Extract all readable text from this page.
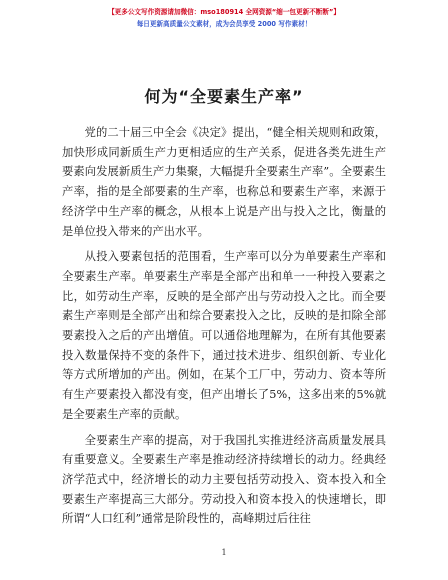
【更多公文写作资源请加微信：mso180914 全网资源“缩一包更新不断断”】
每日更新高质量公文素材，成为会员享受 2000 写作素材！
何为“全要素生产率”

党的二十届三中全会《决定》提出，“健全相关规则和政策，加快形成同新质生产力更相适应的生产关系，促进各类先进生产要素向发展新质生产力集聚，大幅提升全要素生产率”。全要素生产率，指的是全部要素的生产率，也称总和要素生产率，来源于经济学中生产率的概念，从根本上说是产出与投入之比，衡量的是单位投入带来的产出水平。

从投入要素包括的范围看，生产率可以分为单要素生产率和全要素生产率。单要素生产率是全部产出和单一一种投入要素之比，如劳动生产率，反映的是全部产出与劳动投入之比。而全要素生产率则是全部产出和综合要素投入之比，反映的是扣除全部要素投入之后的产出增值。可以通俗地理解为，在所有其他要素投入数量保持不变的条件下，通过技术进步、组织创新、专业化等方式所增加的产出。例如，在某个工厂中，劳动力、资本等所有生产要素投入都没有变，但产出增长了5%，这多出来的5%就是全要素生产率的贡献。

全要素生产率的提高，对于我国扎实推进经济高质量发展具有重要意义。全要素生产率是推动经济持续增长的动力。经典经济学范式中，经济增长的动力主要包括劳动投入、资本投入和全要素生产率提高三大部分。劳动投入和资本投入的快速增长，即所谓“人口红利”通常是阶段性的，高峰期过后往往

1
